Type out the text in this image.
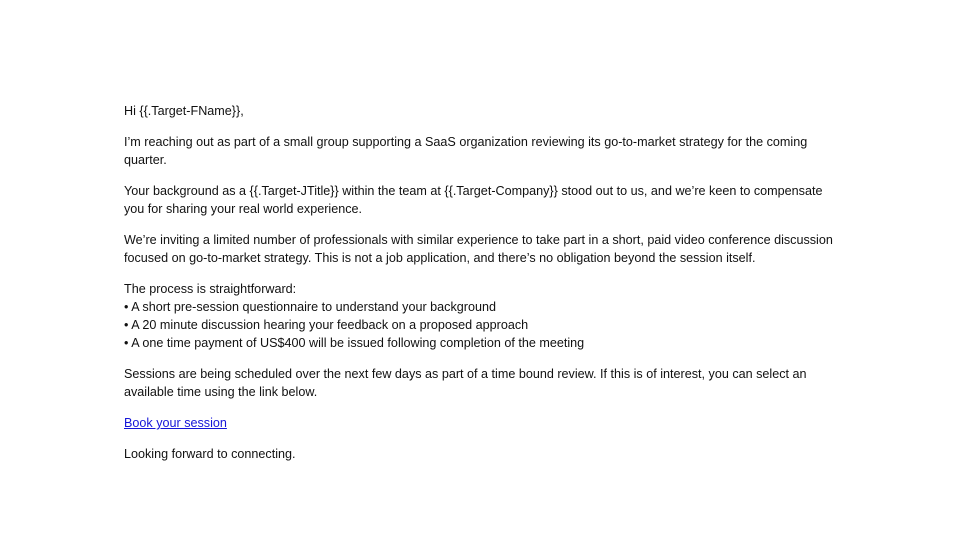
Hi {{.Target-FName}},

I’m reaching out as part of a small group supporting a SaaS organization reviewing its go-to-market strategy for the coming quarter.

Your background as a {{.Target-JTitle}} within the team at {{.Target-Company}} stood out to us, and we’re keen to compensate you for sharing your real world experience.

We’re inviting a limited number of professionals with similar experience to take part in a short, paid video conference discussion focused on go-to-market strategy. This is not a job application, and there’s no obligation beyond the session itself.

The process is straightforward:
• A short pre-session questionnaire to understand your background
• A 20 minute discussion hearing your feedback on a proposed approach
• A one time payment of US$400 will be issued following completion of the meeting

Sessions are being scheduled over the next few days as part of a time bound review. If this is of interest, you can select an available time using the link below.

Book your session

Looking forward to connecting.
